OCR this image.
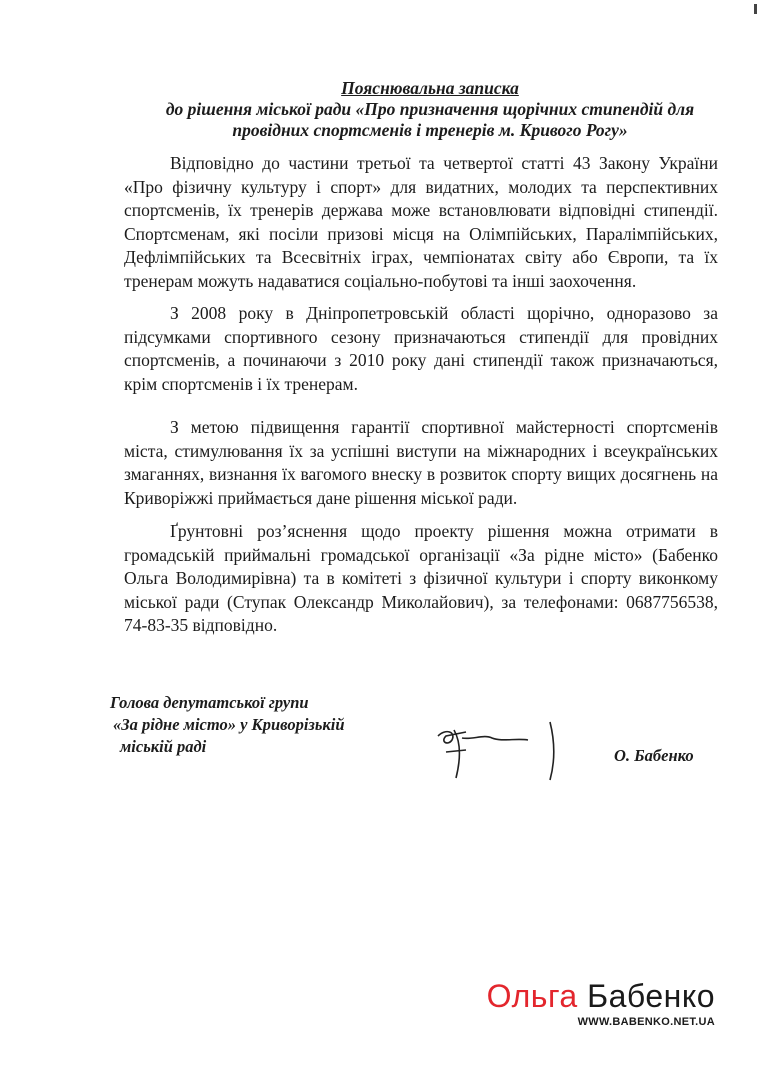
Пояснювальна записка
до рішення міської ради «Про призначення щорічних стипендій для
провідних спортсменів і тренерів м. Кривого Рогу»

Відповідно до частини третьої та четвертої статті 43 Закону України «Про фізичну культуру і спорт» для видатних, молодих та перспективних спортсменів, їх тренерів держава може встановлювати відповідні стипендії. Спортсменам, які посіли призові місця на Олімпійських, Паралімпійських, Дефлімпійських та Всесвітніх іграх, чемпіонатах світу або Європи, та їх тренерам можуть надаватися соціально-побутові та інші заохочення.

З 2008 року в Дніпропетровській області щорічно, одноразово за підсумками спортивного сезону призначаються стипендії для провідних спортсменів, а починаючи з 2010 року дані стипендії також призначаються, крім спортсменів і їх тренерам.

З метою підвищення гарантії спортивної майстерності спортсменів міста, стимулювання їх за успішні виступи на міжнародних і всеукраїнських змаганнях, визнання їх вагомого внеску в розвиток спорту вищих досягнень на Криворіжжі приймається дане рішення міської ради.

Ґрунтовні роз’яснення щодо проекту рішення можна отримати в громадській приймальні громадської організації «За рідне місто» (Бабенко Ольга Володимирівна) та в комітеті з фізичної культури і спорту виконкому міської ради (Ступак Олександр Миколайович), за телефонами: 0687756538, 74-83-35 відповідно.

Голова депутатської групи
«За рідне місто» у Криворізькій
міській раді	О. Бабенко
Ольга Бабенко
WWW.BABENKO.NET.UA
